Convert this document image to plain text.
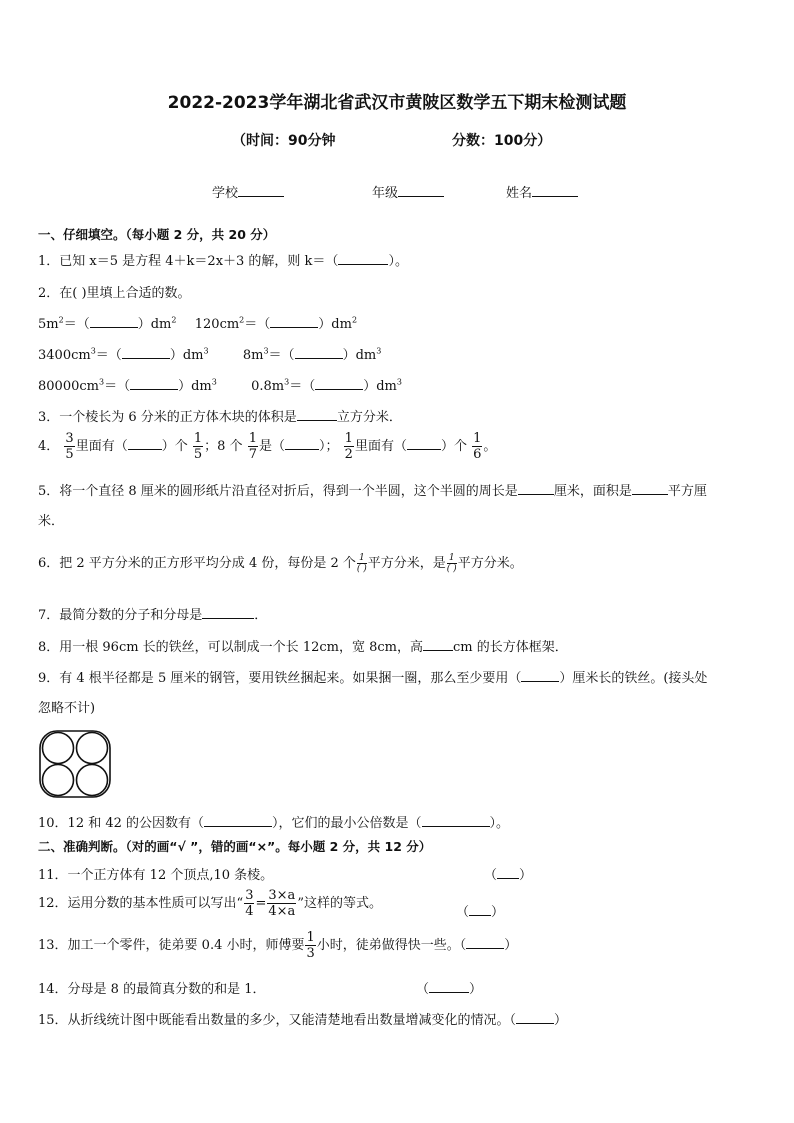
2022-2023学年湖北省武汉市黄陂区数学五下期末检测试题
（时间：90分钟	分数：100分）
学校	年级	姓名
一、仔细填空。（每小题 2 分，共 20 分）
1．已知 x＝5 是方程 4＋k＝2x＋3 的解，则 k＝（	）。
2．在( )里填上合适的数。
$5m^2=$（	）$dm^2$ $120cm^2=$（	）$dm^2$
$3400cm^3=$（	）$dm^3$	$8m^3=$（	）$dm^3$
$80000cm^3=$（	）$dm^3$	$0.8m^3=$（	）$dm^3$
3．一个棱长为 6 分米的正方体木块的体积是	立方分米．
4． $\frac{3}{5}$ 里面有（	）个 $\frac{1}{5}$ ；8 个 $\frac{1}{7}$ 是（	）； $\frac{1}{2}$ 里面有（	）个 $\frac{1}{6}$ 。
5．将一个直径 8 厘米的圆形纸片沿直径对折后，得到一个半圆，这个半圆的周长是	厘米，面积是	平方厘
米．
6．把 2 平方分米的正方形平均分成 4 份，每份是 2 个 $\frac{1}{( )}$ 平方分米，是 $\frac{1}{( )}$ 平方分米。
7．最简分数的分子和分母是	．
8．用一根 96cm 长的铁丝，可以制成一个长 12cm，宽 8cm，高 cm 的长方体框架．
9．有 4 根半径都是 5 厘米的钢管，要用铁丝捆起来。如果捆一圈，那么至少要用（	）厘米长的铁丝。(接头处
忽略不计)
10．12 和 42 的公因数有（	），它们的最小公倍数是（	）。
二、准确判断。（对的画“√ ”，错的画“×”。每小题 2 分，共 12 分）
11．一个正方体有 12 个顶点,10 条棱。	（ ）
12．运用分数的基本性质可以写出“ $\frac{3}{4} = \frac{3\times a}{4\times a}$ ”这样的等式。
（ ）
13．加工一个零件，徒弟要 0.4 小时，师傅要 $\frac{1}{3}$ 小时，徒弟做得快一些。（	）
14．分母是 8 的最简真分数的和是 1．	（	）
15．从折线统计图中既能看出数量的多少，又能清楚地看出数量增减变化的情况。（	）
